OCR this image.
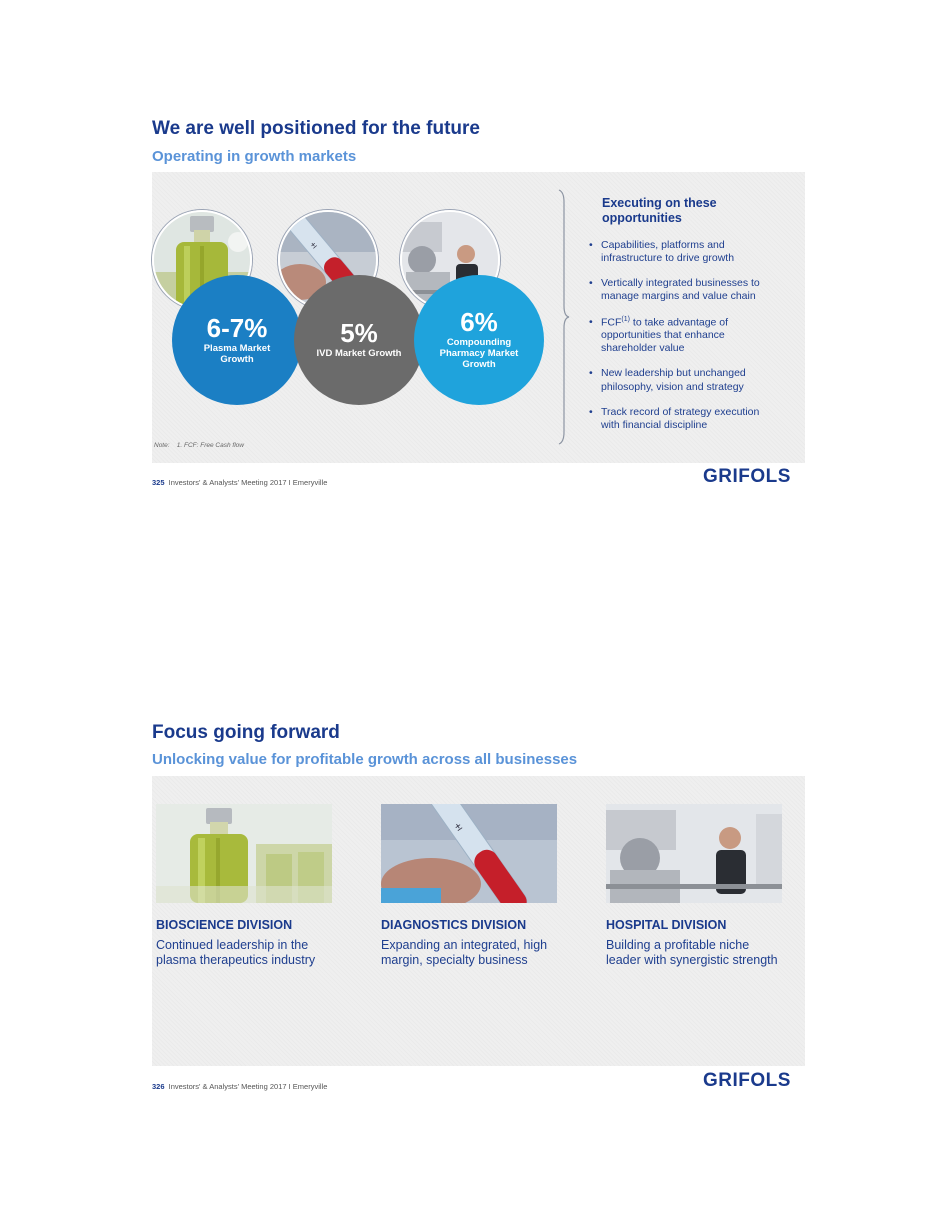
We are well positioned for the future
Operating in growth markets
±
6-7%
Plasma Market Growth
5%
IVD Market Growth
6%
Compounding Pharmacy Market Growth
Executing on these opportunities
• Capabilities, platforms and infrastructure to drive growth
• Vertically integrated businesses to manage margins and value chain
• FCF$^{(1)}$ to take advantage of opportunities that enhance shareholder value
• New leadership but unchanged philosophy, vision and strategy
• Track record of strategy execution with financial discipline
Note: 1. FCF: Free Cash flow
325 Investors' & Analysts' Meeting 2017 I Emeryville	GRIFOLS
Focus going forward
Unlocking value for profitable growth across all businesses
BIOSCIENCE DIVISION
Continued leadership in the plasma therapeutics industry
±
DIAGNOSTICS DIVISION
Expanding an integrated, high margin, specialty business
HOSPITAL DIVISION
Building a profitable niche leader with synergistic strength
326 Investors' & Analysts' Meeting 2017 I Emeryville	GRIFOLS
